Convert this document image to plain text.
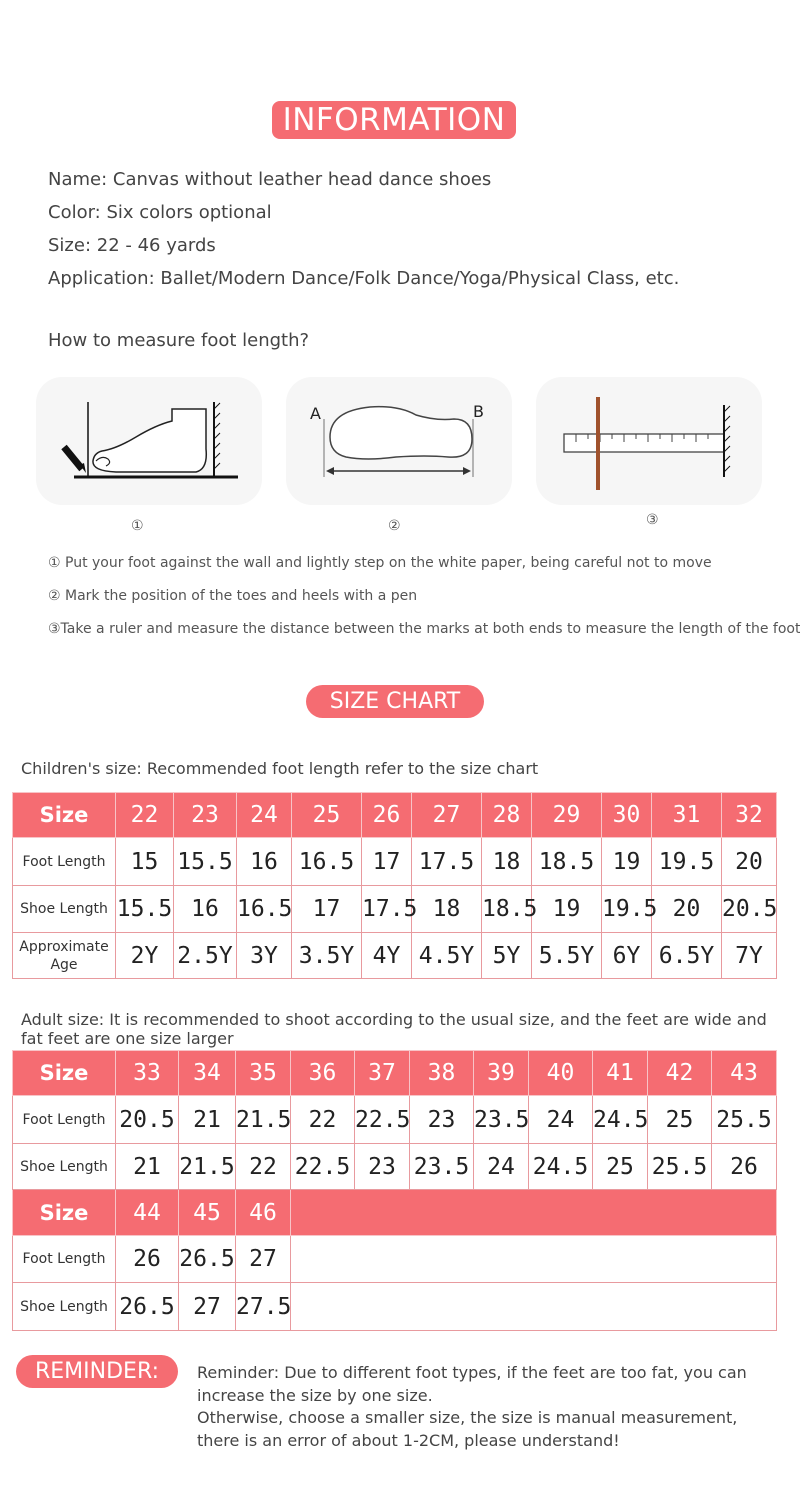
INFORMATION
Name: Canvas without leather head dance shoes
Color: Six colors optional
Size: 22 - 46 yards
Application: Ballet/Modern Dance/Folk Dance/Yoga/Physical Class, etc.
How to measure foot length?
A	B
①	②	③
① Put your foot against the wall and lightly step on the white paper, being careful not to move
② Mark the position of the toes and heels with a pen
③Take a ruler and measure the distance between the marks at both ends to measure the length of the foot
SIZE CHART
Children's size: Recommended foot length refer to the size chart
Size	22	23	24	25	26	27	28	29	30	31	32
Foot Length	15	15.5	16	16.5	17	17.5	18	18.5	19	19.5	20
Shoe Length	15.5	16	16.5	17	17.5	18	18.5	19	19.5	20	20.5
Approximate Age	2Y	2.5Y	3Y	3.5Y	4Y	4.5Y	5Y	5.5Y	6Y	6.5Y	7Y
Adult size: It is recommended to shoot according to the usual size, and the feet are wide and fat feet are one size larger
Size	33	34	35	36	37	38	39	40	41	42	43
Foot Length	20.5	21	21.5	22	22.5	23	23.5	24	24.5	25	25.5
Shoe Length	21	21.5	22	22.5	23	23.5	24	24.5	25	25.5	26
Size	44	45	46								
Foot Length	26	26.5	27								
Shoe Length	26.5	27	27.5								
REMINDER:	Reminder: Due to different foot types, if the feet are too fat, you can increase the size by one size.
Otherwise, choose a smaller size, the size is manual measurement, there is an error of about 1-2CM, please understand!
